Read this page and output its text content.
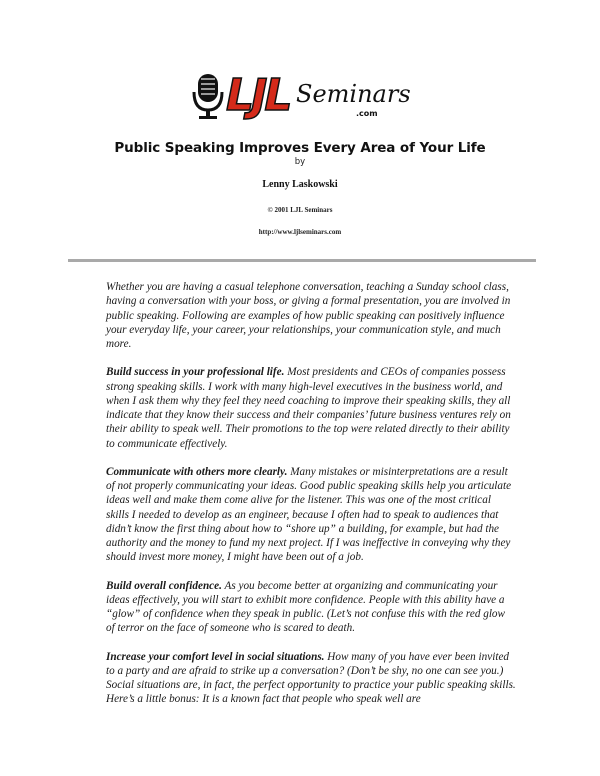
LJL Seminars
.com
Public Speaking Improves Every Area of Your Life
by
Lenny Laskowski
© 2001 LJL Seminars
http://www.ljlseminars.com

Whether you are having a casual telephone conversation, teaching a Sunday school class, having a conversation with your boss, or giving a formal presentation, you are involved in public speaking. Following are examples of how public speaking can positively influence your everyday life, your career, your relationships, your communication style, and much more.

Build success in your professional life. Most presidents and CEOs of companies possess strong speaking skills. I work with many high-level executives in the business world, and when I ask them why they feel they need coaching to improve their speaking skills, they all indicate that they know their success and their companies’ future business ventures rely on their ability to speak well. Their promotions to the top were related directly to their ability to communicate effectively.

Communicate with others more clearly. Many mistakes or misinterpretations are a result of not properly communicating your ideas. Good public speaking skills help you articulate ideas well and make them come alive for the listener. This was one of the most critical skills I needed to develop as an engineer, because I often had to speak to audiences that didn’t know the first thing about how to “shore up” a building, for example, but had the authority and the money to fund my next project. If I was ineffective in conveying why they should invest more money, I might have been out of a job.

Build overall confidence. As you become better at organizing and communicating your ideas effectively, you will start to exhibit more confidence. People with this ability have a “glow” of confidence when they speak in public. (Let’s not confuse this with the red glow of terror on the face of someone who is scared to death.

Increase your comfort level in social situations. How many of you have ever been invited to a party and are afraid to strike up a conversation? (Don’t be shy, no one can see you.) Social situations are, in fact, the perfect opportunity to practice your public speaking skills. Here’s a little bonus: It is a known fact that people who speak well are
